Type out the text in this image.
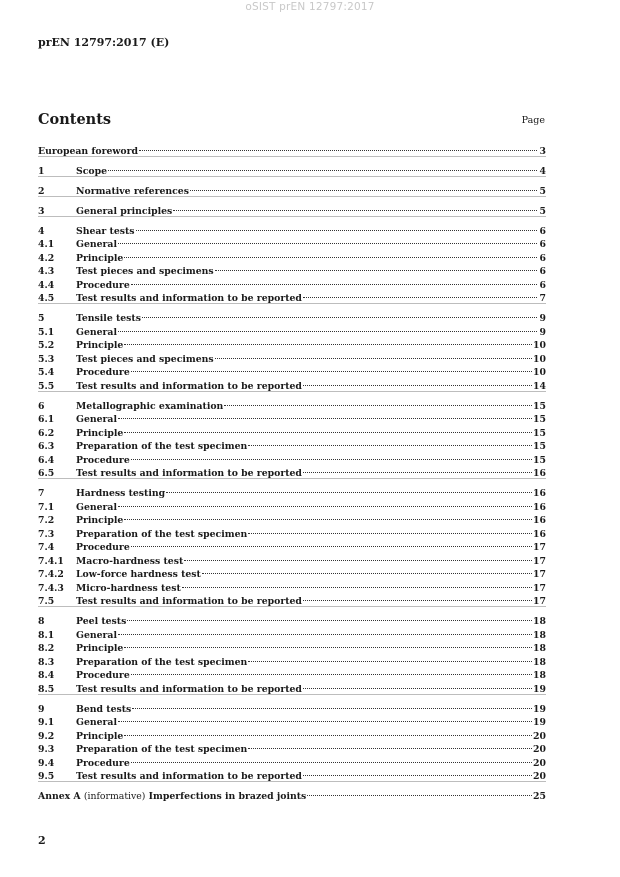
oSIST prEN 12797:2017
prEN 12797:2017 (E)
Contents	Page
European foreword	3
1	Scope	4
2	Normative references	5
3	General principles	5
4	Shear tests	6
4.1	General	6
4.2	Principle	6
4.3	Test pieces and specimens	6
4.4	Procedure	6
4.5	Test results and information to be reported	7
5	Tensile tests	9
5.1	General	9
5.2	Principle	10
5.3	Test pieces and specimens	10
5.4	Procedure	10
5.5	Test results and information to be reported	14
6	Metallographic examination	15
6.1	General	15
6.2	Principle	15
6.3	Preparation of the test specimen	15
6.4	Procedure	15
6.5	Test results and information to be reported	16
7	Hardness testing	16
7.1	General	16
7.2	Principle	16
7.3	Preparation of the test specimen	16
7.4	Procedure	17
7.4.1	Macro-hardness test	17
7.4.2	Low-force hardness test	17
7.4.3	Micro-hardness test	17
7.5	Test results and information to be reported	17
8	Peel tests	18
8.1	General	18
8.2	Principle	18
8.3	Preparation of the test specimen	18
8.4	Procedure	18
8.5	Test results and information to be reported	19
9	Bend tests	19
9.1	General	19
9.2	Principle	20
9.3	Preparation of the test specimen	20
9.4	Procedure	20
9.5	Test results and information to be reported	20
Annex A (informative) Imperfections in brazed joints	25
2
